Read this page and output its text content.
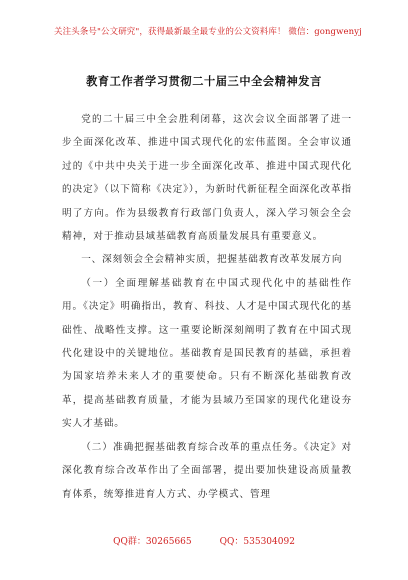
关注头条号"公文研究"，获得最新最全最专业的公文资料库！ 微信：gongwenyj
教育工作者学习贯彻二十届三中全会精神发言

党的二十届三中全会胜利闭幕，这次会议全面部署了进一步全面深化改革、推进中国式现代化的宏伟蓝图。全会审议通过的《中共中央关于进一步全面深化改革、推进中国式现代化的决定》（以下简称《决定》），为新时代新征程全面深化改革指明了方向。作为县级教育行政部门负责人，深入学习领会全会精神，对于推动县域基础教育高质量发展具有重要意义。

一、深刻领会全会精神实质，把握基础教育改革发展方向

（一）全面理解基础教育在中国式现代化中的基础性作用。《决定》明确指出，教育、科技、人才是中国式现代化的基础性、战略性支撑。这一重要论断深刻阐明了教育在中国式现代化建设中的关键地位。基础教育是国民教育的基础，承担着为国家培养未来人才的重要使命。只有不断深化基础教育改革，提高基础教育质量，才能为县域乃至国家的现代化建设夯实人才基础。

（二）准确把握基础教育综合改革的重点任务。《决定》对深化教育综合改革作出了全面部署，提出要加快建设高质量教育体系，统筹推进育人方式、办学模式、管理

QQ群：30265665	QQ：535304092
